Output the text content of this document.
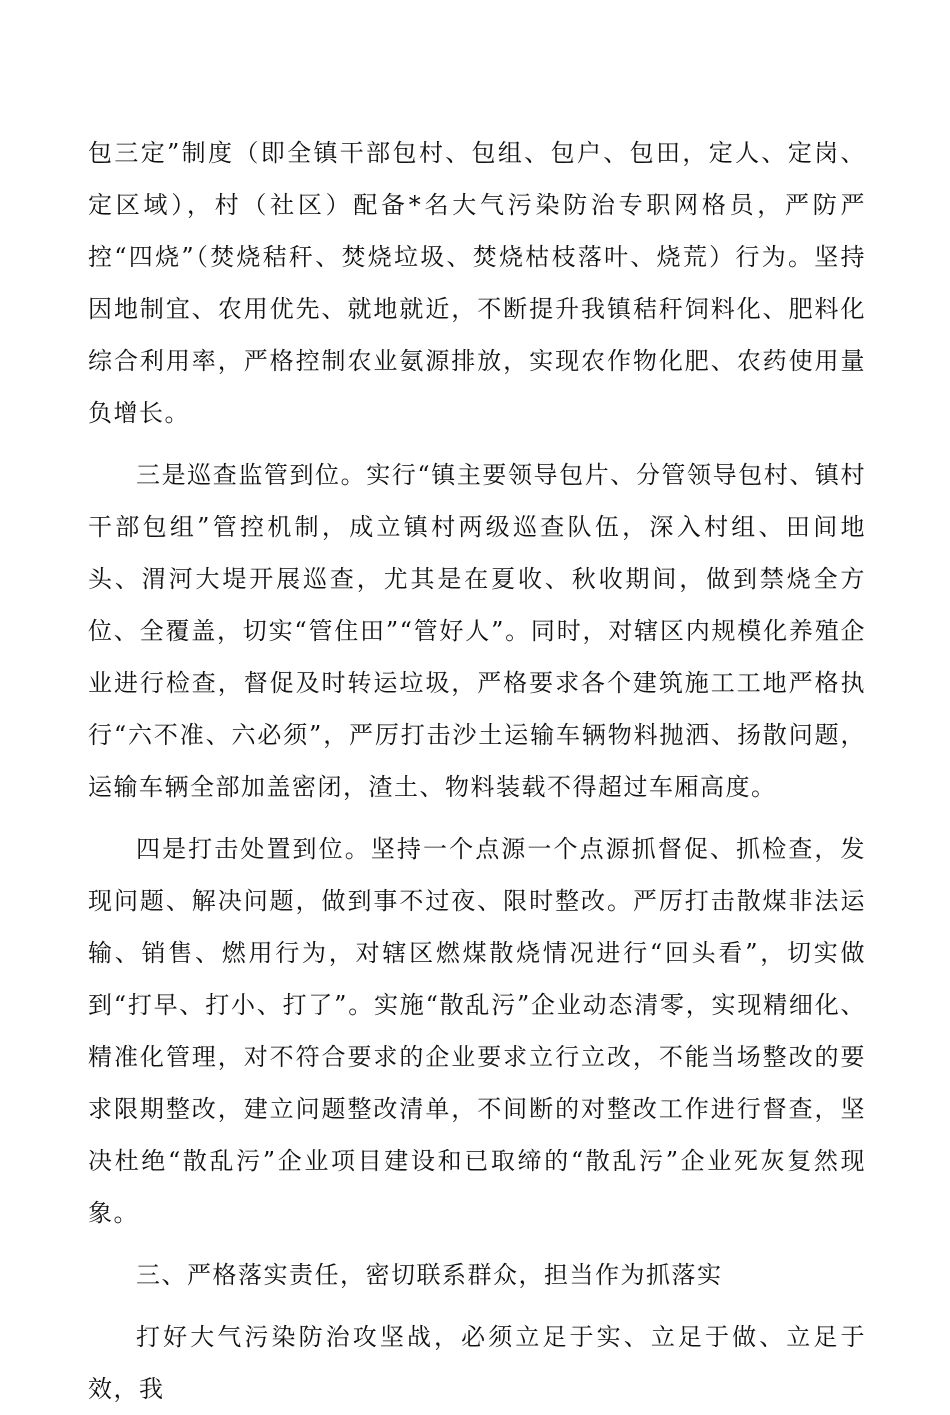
包三定”制度（即全镇干部包村、包组、包户、包田，定人、定岗、定区域），村（社区）配备*名大气污染防治专职网格员，严防严控“四烧”（焚烧秸秆、焚烧垃圾、焚烧枯枝落叶、烧荒）行为。坚持因地制宜、农用优先、就地就近，不断提升我镇秸秆饲料化、肥料化综合利用率，严格控制农业氨源排放，实现农作物化肥、农药使用量负增长。

三是巡查监管到位。实行“镇主要领导包片、分管领导包村、镇村干部包组”管控机制，成立镇村两级巡查队伍，深入村组、田间地头、渭河大堤开展巡查，尤其是在夏收、秋收期间，做到禁烧全方位、全覆盖，切实“管住田”“管好人”。同时，对辖区内规模化养殖企业进行检查，督促及时转运垃圾，严格要求各个建筑施工工地严格执行“六不准、六必须”，严厉打击沙土运输车辆物料抛洒、扬散问题，运输车辆全部加盖密闭，渣土、物料装载不得超过车厢高度。

四是打击处置到位。坚持一个点源一个点源抓督促、抓检查，发现问题、解决问题，做到事不过夜、限时整改。严厉打击散煤非法运输、销售、燃用行为，对辖区燃煤散烧情况进行“回头看”，切实做到“打早、打小、打了”。实施“散乱污”企业动态清零，实现精细化、精准化管理，对不符合要求的企业要求立行立改，不能当场整改的要求限期整改，建立问题整改清单，不间断的对整改工作进行督查，坚决杜绝“散乱污”企业项目建设和已取缔的“散乱污”企业死灰复然现象。

三、严格落实责任，密切联系群众，担当作为抓落实

打好大气污染防治攻坚战，必须立足于实、立足于做、立足于效，我
